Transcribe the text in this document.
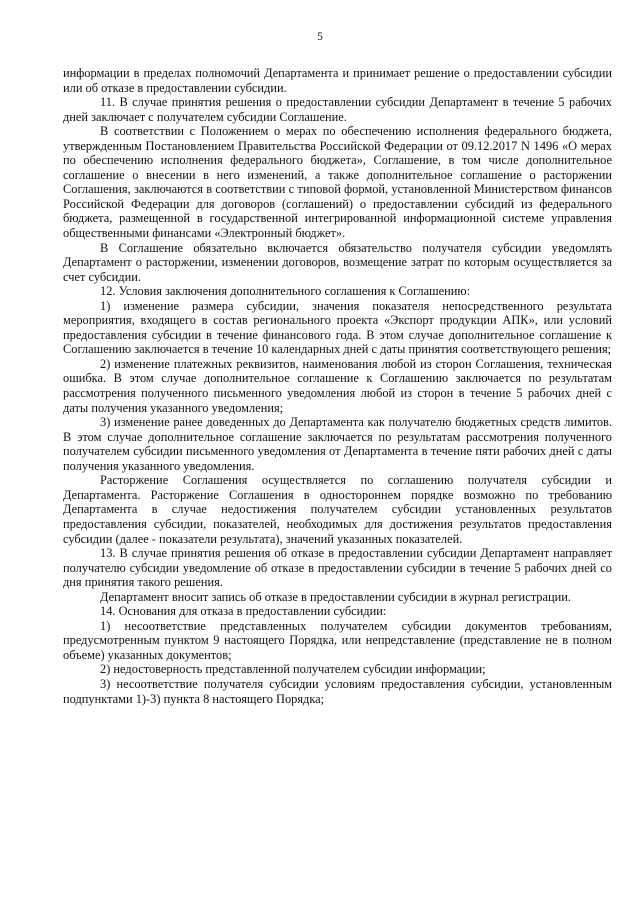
5

информации в пределах полномочий Департамента и принимает решение о предоставлении субсидии или об отказе в предоставлении субсидии.

11. В случае принятия решения о предоставлении субсидии Департамент в течение 5 рабочих дней заключает с получателем субсидии Соглашение.

В соответствии с Положением о мерах по обеспечению исполнения федерального бюджета, утвержденным Постановлением Правительства Российской Федерации от 09.12.2017 N 1496 «О мерах по обеспечению исполнения федерального бюджета», Соглашение, в том числе дополнительное соглашение о внесении в него изменений, а также дополнительное соглашение о расторжении Соглашения, заключаются в соответствии с типовой формой, установленной Министерством финансов Российской Федерации для договоров (соглашений) о предоставлении субсидий из федерального бюджета, размещенной в государственной интегрированной информационной системе управления общественными финансами «Электронный бюджет».

В Соглашение обязательно включается обязательство получателя субсидии уведомлять Департамент о расторжении, изменении договоров, возмещение затрат по которым осуществляется за счет субсидии.

12. Условия заключения дополнительного соглашения к Соглашению:

1) изменение размера субсидии, значения показателя непосредственного результата мероприятия, входящего в состав регионального проекта «Экспорт продукции АПК», или условий предоставления субсидии в течение финансового года. В этом случае дополнительное соглашение к Соглашению заключается в течение 10 календарных дней с даты принятия соответствующего решения;

2) изменение платежных реквизитов, наименования любой из сторон Соглашения, техническая ошибка. В этом случае дополнительное соглашение к Соглашению заключается по результатам рассмотрения полученного письменного уведомления любой из сторон в течение 5 рабочих дней с даты получения указанного уведомления;

3) изменение ранее доведенных до Департамента как получателю бюджетных средств лимитов. В этом случае дополнительное соглашение заключается по результатам рассмотрения полученного получателем субсидии письменного уведомления от Департамента в течение пяти рабочих дней с даты получения указанного уведомления.

Расторжение Соглашения осуществляется по соглашению получателя субсидии и Департамента. Расторжение Соглашения в одностороннем порядке возможно по требованию Департамента в случае недостижения получателем субсидии установленных результатов предоставления субсидии, показателей, необходимых для достижения результатов предоставления субсидии (далее - показатели результата), значений указанных показателей.

13. В случае принятия решения об отказе в предоставлении субсидии Департамент направляет получателю субсидии уведомление об отказе в предоставлении субсидии в течение 5 рабочих дней со дня принятия такого решения.

Департамент вносит запись об отказе в предоставлении субсидии в журнал регистрации.

14. Основания для отказа в предоставлении субсидии:

1) несоответствие представленных получателем субсидии документов требованиям, предусмотренным пунктом 9 настоящего Порядка, или непредставление (представление не в полном объеме) указанных документов;

2) недостоверность представленной получателем субсидии информации;

3) несоответствие получателя субсидии условиям предоставления субсидии, установленным подпунктами 1)-3) пункта 8 настоящего Порядка;
